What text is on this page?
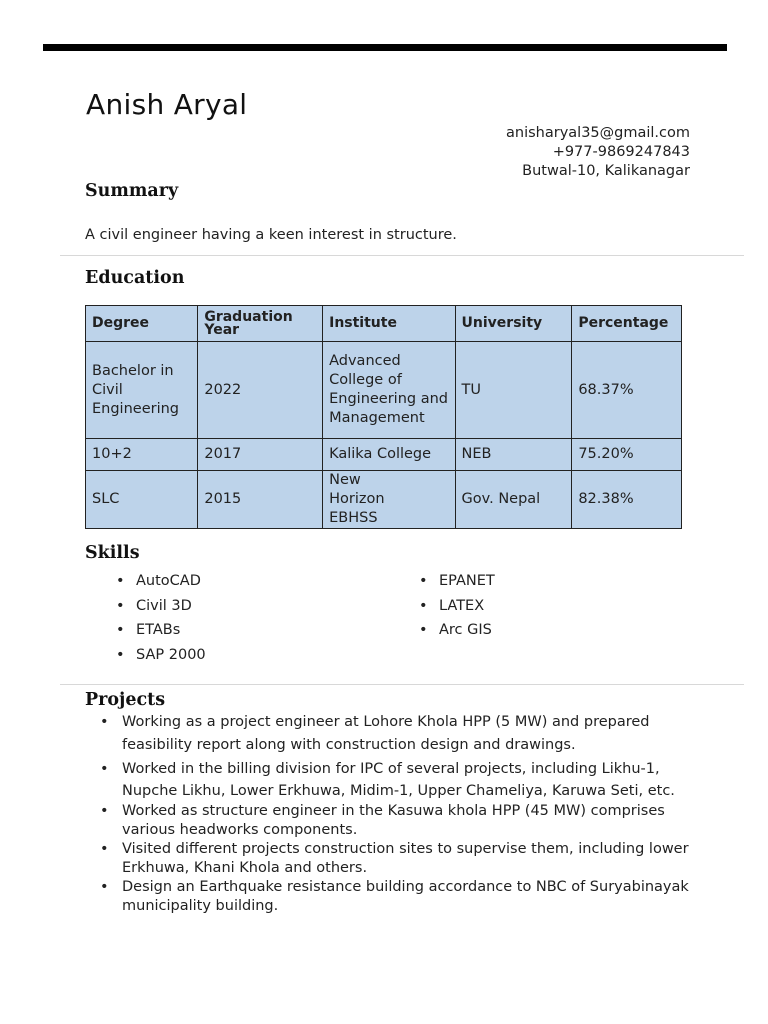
Anish Aryal
anisharyal35@gmail.com
+977-9869247843
Butwal-10, Kalikanagar
Summary
A civil engineer having a keen interest in structure.
Education
Degree	Graduation Year	Institute	University	Percentage
Bachelor in Civil Engineering	2022	Advanced College of Engineering and Management	TU	68.37%
10+2	2017	Kalika College	NEB	75.20%
SLC	2015	New Horizon EBHSS	Gov. Nepal	82.38%
Skills
• AutoCAD
• Civil 3D
• ETABs
• SAP 2000
• EPANET
• LATEX
• Arc GIS
Projects
• Working as a project engineer at Lohore Khola HPP (5 MW) and prepared feasibility report along with construction design and drawings.
• Worked in the billing division for IPC of several projects, including Likhu-1, Nupche Likhu, Lower Erkhuwa, Midim-1, Upper Chameliya, Karuwa Seti, etc.
• Worked as structure engineer in the Kasuwa khola HPP (45 MW) comprises various headworks components.
• Visited different projects construction sites to supervise them, including lower Erkhuwa, Khani Khola and others.
• Design an Earthquake resistance building accordance to NBC of Suryabinayak municipality building.
